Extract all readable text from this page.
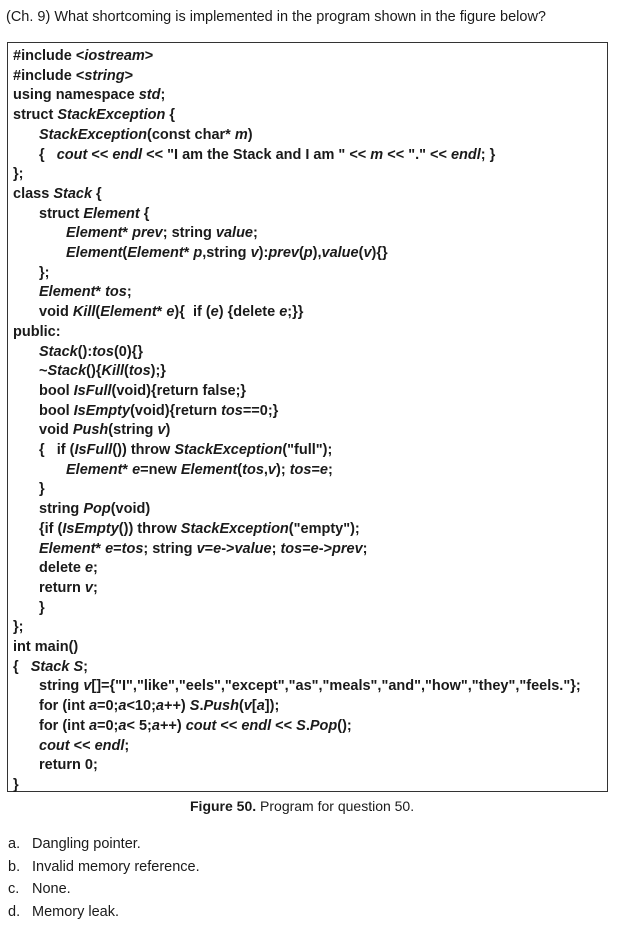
(Ch. 9) What shortcoming is implemented in the program shown in the figure below?
#include <iostream>
#include <string>
using namespace std;
struct StackException {
StackException(const char* m)
{   cout << endl << "I am the Stack and I am " << m << "." << endl; }
};
class Stack {
struct Element {
Element* prev; string value;
Element(Element* p,string v):prev(p),value(v){}
};
Element* tos;
void Kill(Element* e){  if (e) {delete e;}}
public:
Stack():tos(0){}
~Stack(){Kill(tos);}
bool IsFull(void){return false;}
bool IsEmpty(void){return tos==0;}
void Push(string v)
{   if (IsFull()) throw StackException("full");
Element* e=new Element(tos,v); tos=e;
}
string Pop(void)
{if (IsEmpty()) throw StackException("empty");
Element* e=tos; string v=e->value; tos=e->prev;
delete e;
return v;
}
};
int main()
{   Stack S;
string v[]={"I","like","eels","except","as","meals","and","how","they","feels."};
for (int a=0;a<10;a++) S.Push(v[a]);
for (int a=0;a< 5;a++) cout << endl << S.Pop();
cout << endl;
return 0;
}
Figure 50. Program for question 50.
a. Dangling pointer.
b. Invalid memory reference.
c. None.
d. Memory leak.
